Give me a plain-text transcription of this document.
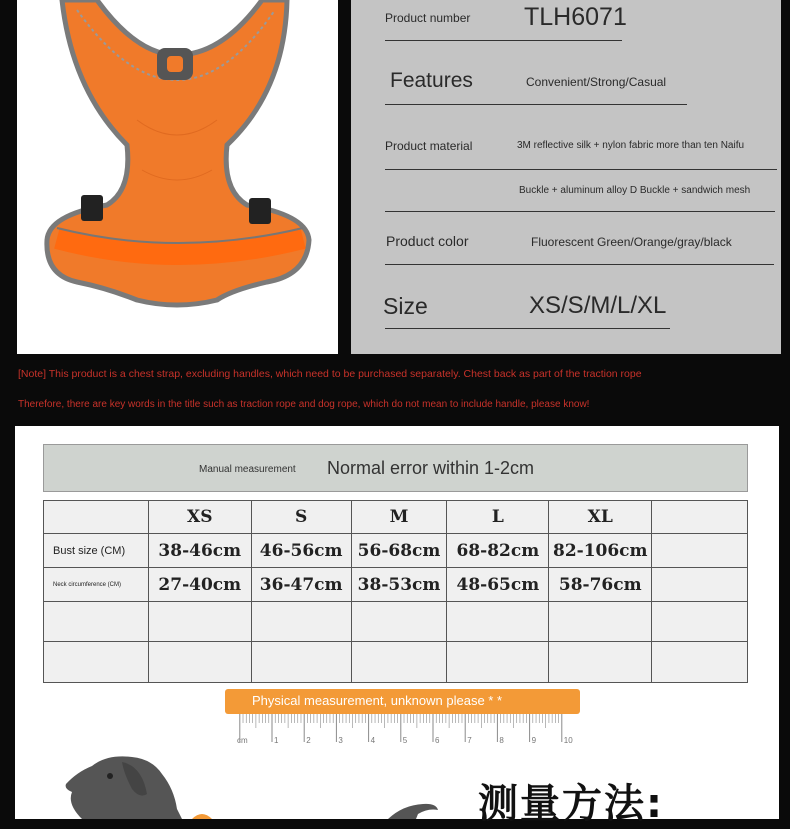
Product number TLH6071
Features	Convenient/Strong/Casual
Product material	3M reflective silk + nylon fabric more than ten Naifu
Buckle + aluminum alloy D Buckle + sandwich mesh
Product color	Fluorescent Green/Orange/gray/black
Size	XS/S/M/L/XL
[Note] This product is a chest strap, excluding handles, which need to be purchased separately. Chest back as part of the traction rope
Therefore, there are key words in the title such as traction rope and dog rope, which do not mean to include handle, please know!
Manual measurement Normal error within 1-2cm
	XS	S	M	L	XL	
Bust size (CM)	38-46cm	46-56cm	56-68cm	68-82cm	82-106cm	
Neck circumference (CM)	27-40cm	36-47cm	38-53cm	48-65cm	58-76cm	

Physical measurement, unknown please * *
cm	1	2	3	4	5	6	7	8	9	10
测量方法:
